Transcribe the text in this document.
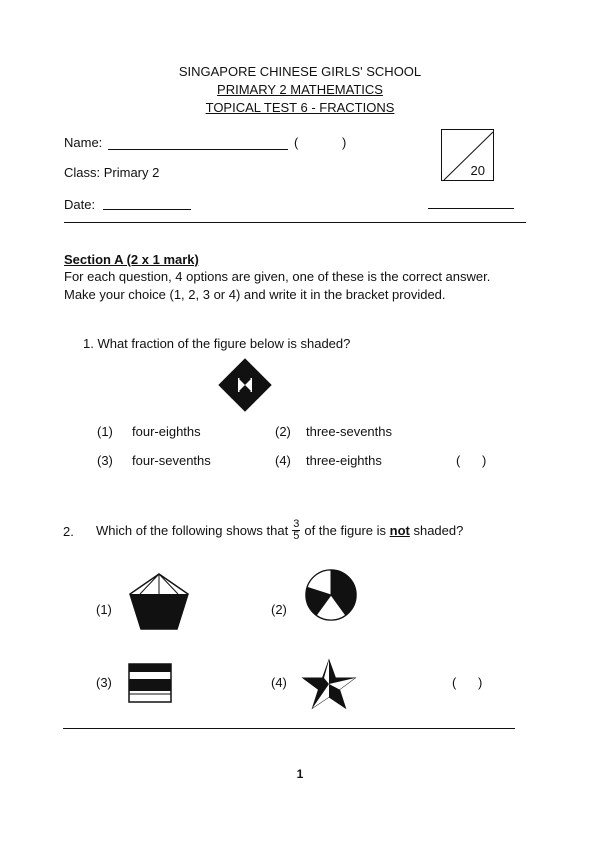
SINGAPORE CHINESE GIRLS' SCHOOL
PRIMARY 2 MATHEMATICS
TOPICAL TEST 6 - FRACTIONS
Name:	(	)
Class: Primary 2
Date:
20
Section A (2 x 1 mark)
For each question, 4 options are given, one of these is the correct answer.
Make your choice (1, 2, 3 or 4) and write it in the bracket provided.
1. What fraction of the figure below is shaded?
(1) four-eighths	(2) three-sevenths
(3) four-sevenths	(4) three-eighths	(      )
2. Which of the following shows that $\frac{3}{5}$ of the figure is
not
shaded?
(1)	(2)
(3)	(4)	(      )
1
